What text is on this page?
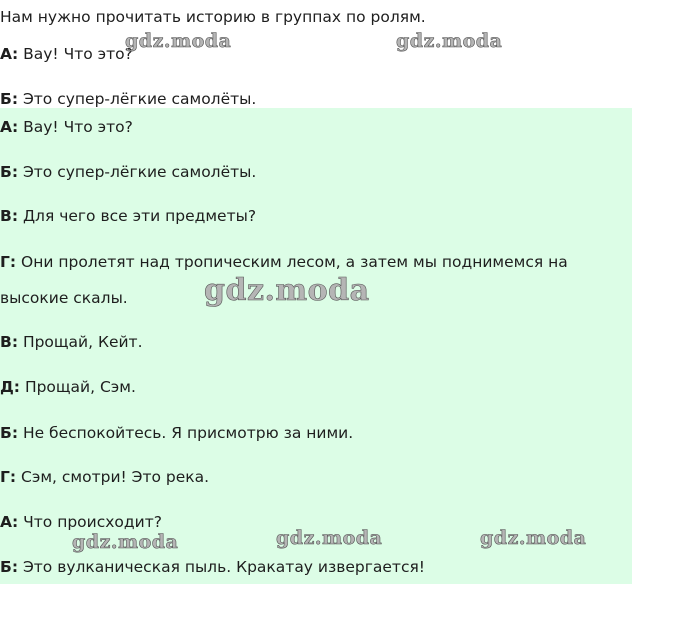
Нам нужно прочитать историю в группах по ролям.
А: Вау! Что это?
Б: Это супер-лёгкие самолёты.
А: Вау! Что это?
Б: Это супер-лёгкие самолёты.
В: Для чего все эти предметы?
Г: Они пролетят над тропическим лесом, а затем мы поднимемся на
высокие скалы.
В: Прощай, Кейт.
Д: Прощай, Сэм.
Б: Не беспокойтесь. Я присмотрю за ними.
Г: Сэм, смотри! Это река.
А: Что происходит?
Б: Это вулканическая пыль. Кракатау извергается!
gdz.moda	gdz.moda
gdz.moda
gdz.moda	gdz.moda	gdz.moda
